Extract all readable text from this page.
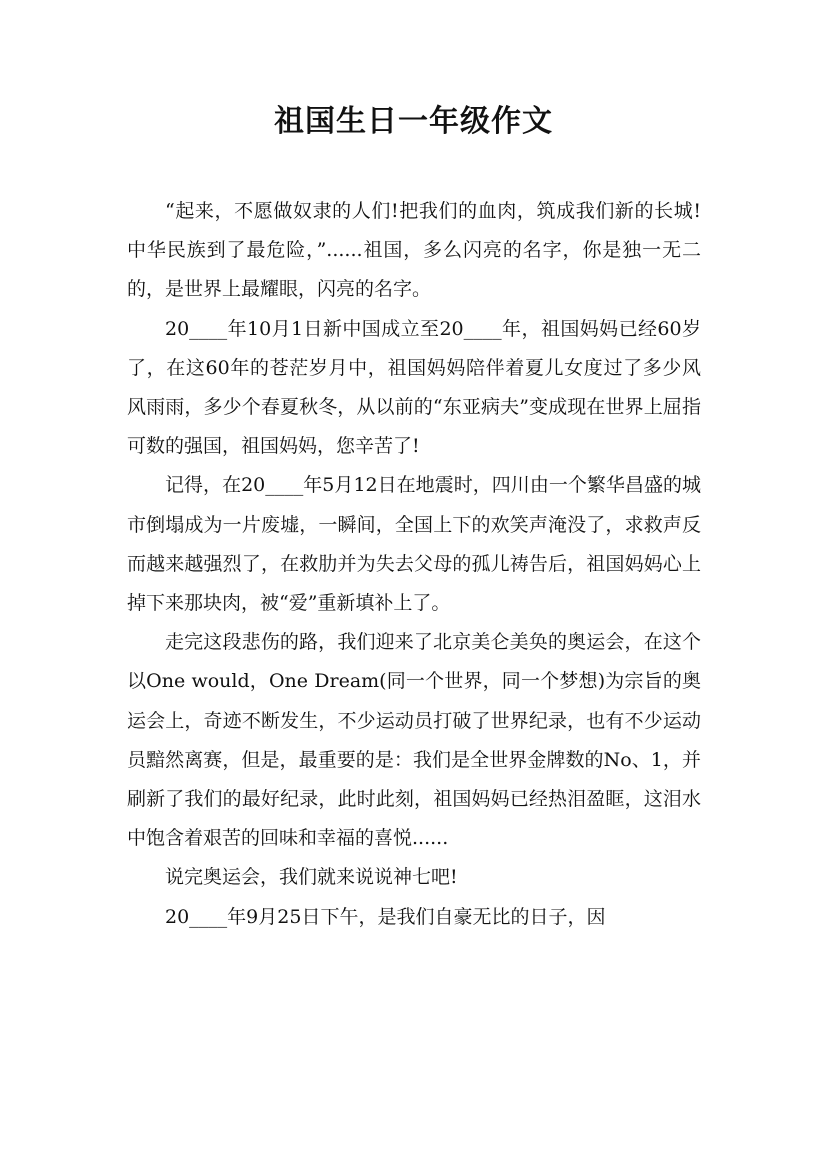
祖国生日一年级作文

“起来，不愿做奴隶的人们!把我们的血肉，筑成我们新的长城!中华民族到了最危险，”......祖国，多么闪亮的名字，你是独一无二的，是世界上最耀眼，闪亮的名字。

20____年10月1日新中国成立至20____年，祖国妈妈已经60岁了，在这60年的苍茫岁月中，祖国妈妈陪伴着夏儿女度过了多少风风雨雨，多少个春夏秋冬，从以前的“东亚病夫”变成现在世界上屈指可数的强国，祖国妈妈，您辛苦了!

记得，在20____年5月12日在地震时，四川由一个繁华昌盛的城市倒塌成为一片废墟，一瞬间，全国上下的欢笑声淹没了，求救声反而越来越强烈了，在救肋并为失去父母的孤儿祷告后，祖国妈妈心上掉下来那块肉，被“爱”重新填补上了。

走完这段悲伤的路，我们迎来了北京美仑美奂的奥运会，在这个以One would，One Dream(同一个世界，同一个梦想)为宗旨的奥运会上，奇迹不断发生，不少运动员打破了世界纪录，也有不少运动员黯然离赛，但是，最重要的是：我们是全世界金牌数的No、1，并刷新了我们的最好纪录，此时此刻，祖国妈妈已经热泪盈眶，这泪水中饱含着艰苦的回味和幸福的喜悦......

说完奥运会，我们就来说说神七吧!

20____年9月25日下午，是我们自豪无比的日子，因
